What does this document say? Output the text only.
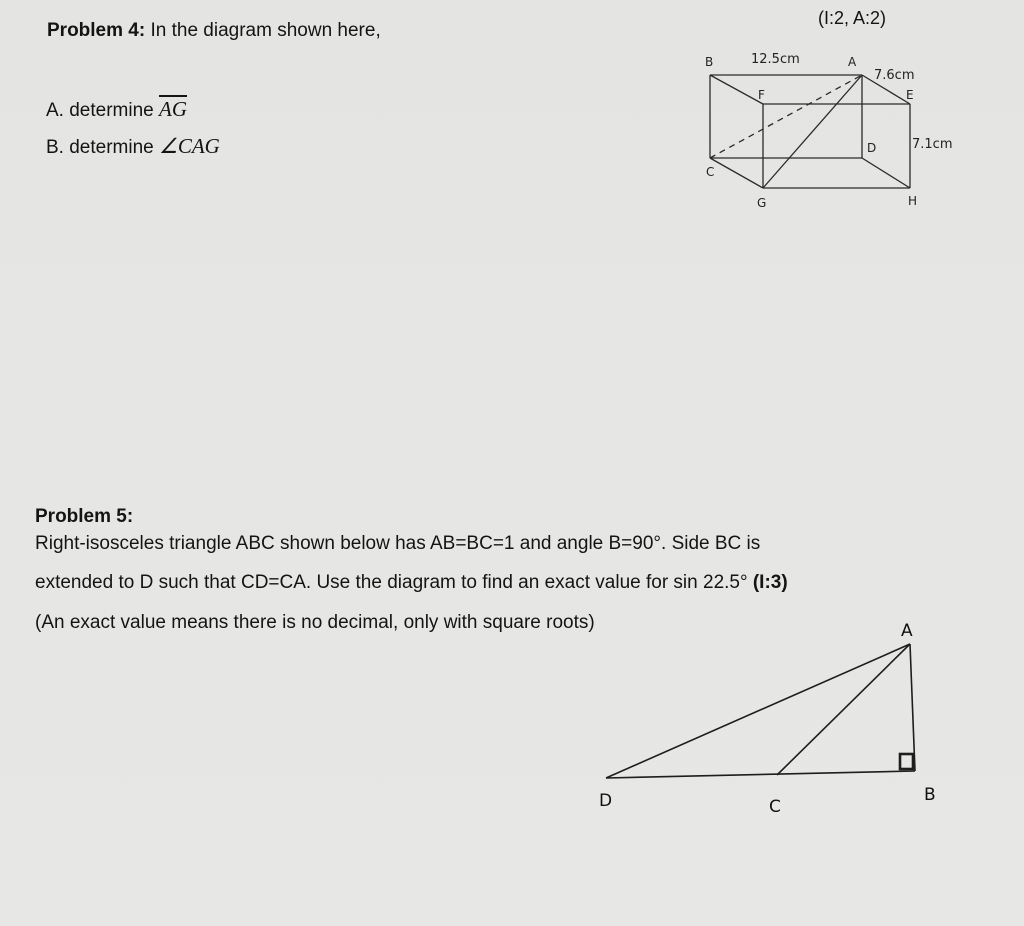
Problem 4: In the diagram shown here,
(I:2, A:2)
A. determine $\overline{AG}$
B. determine ∠CAG
B	A
F	E
D
C
G	H
12.5cm
7.6cm
7.1cm
A
D	C
B
Problem 5:
Right-isosceles triangle ABC shown below has AB=BC=1 and angle B=90°. Side BC is
extended to D such that CD=CA. Use the diagram to find an exact value for sin 22.5° (I:3)
(An exact value means there is no decimal, only with square roots)
